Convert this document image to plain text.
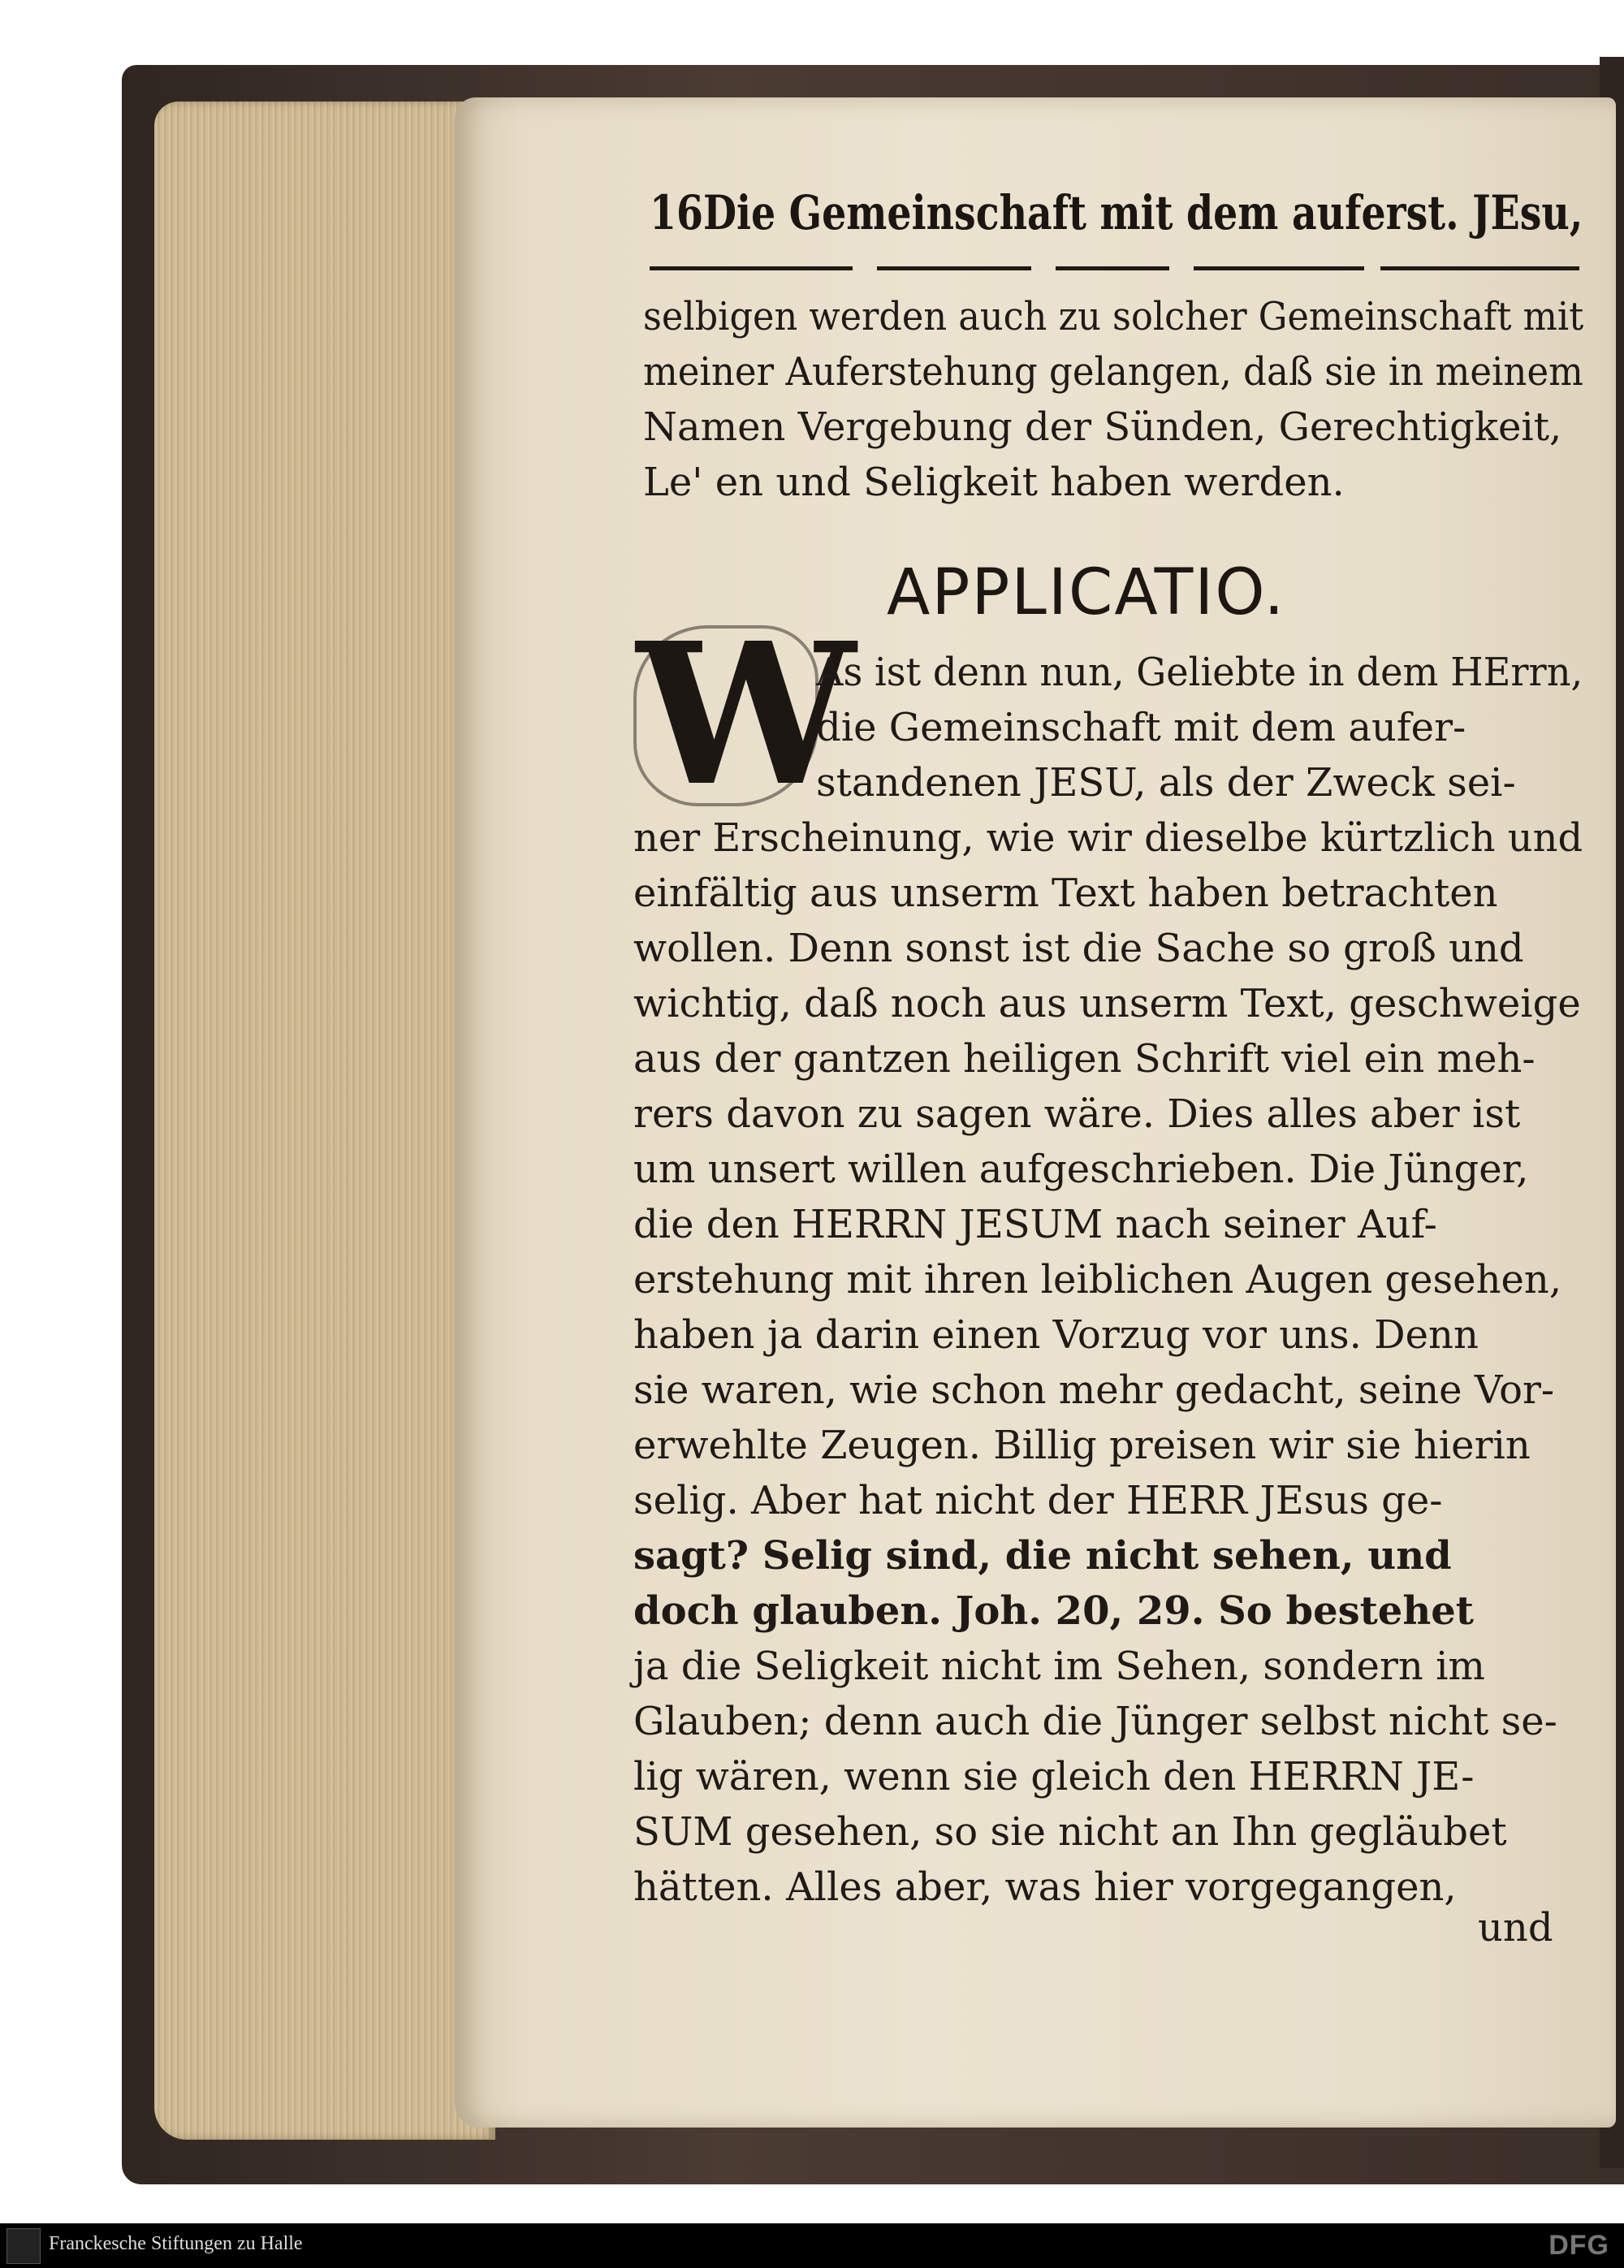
16Die Gemeinschaft mit dem auferst. JEsu,
selbigen werden auch zu solcher Gemeinschaft mit
meiner Auferstehung gelangen, daß sie in meinem
Namen Vergebung der Sünden, Gerechtigkeit,
Le' en und Seligkeit haben werden.
APPLICATIO.
W
As ist denn nun, Geliebte in dem HErrn,
die Gemeinschaft mit dem aufer-
standenen JESU, als der Zweck sei-
ner Erscheinung, wie wir dieselbe kürtzlich und
einfältig aus unserm Text haben betrachten
wollen. Denn sonst ist die Sache so groß und
wichtig, daß noch aus unserm Text, geschweige
aus der gantzen heiligen Schrift viel ein meh-
rers davon zu sagen wäre. Dies alles aber ist
um unsert willen aufgeschrieben. Die Jünger,
die den HERRN JESUM nach seiner Auf-
erstehung mit ihren leiblichen Augen gesehen,
haben ja darin einen Vorzug vor uns. Denn
sie waren, wie schon mehr gedacht, seine Vor-
erwehlte Zeugen. Billig preisen wir sie hierin
selig. Aber hat nicht der HERR JEsus ge-
sagt? Selig sind, die nicht sehen, und
doch glauben. Joh. 20, 29. So bestehet
ja die Seligkeit nicht im Sehen, sondern im
Glauben; denn auch die Jünger selbst nicht se-
lig wären, wenn sie gleich den HERRN JE-
SUM gesehen, so sie nicht an Ihn gegläubet
hätten. Alles aber, was hier vorgegangen,
und
Franckesche Stiftungen zu Halle	DFG
